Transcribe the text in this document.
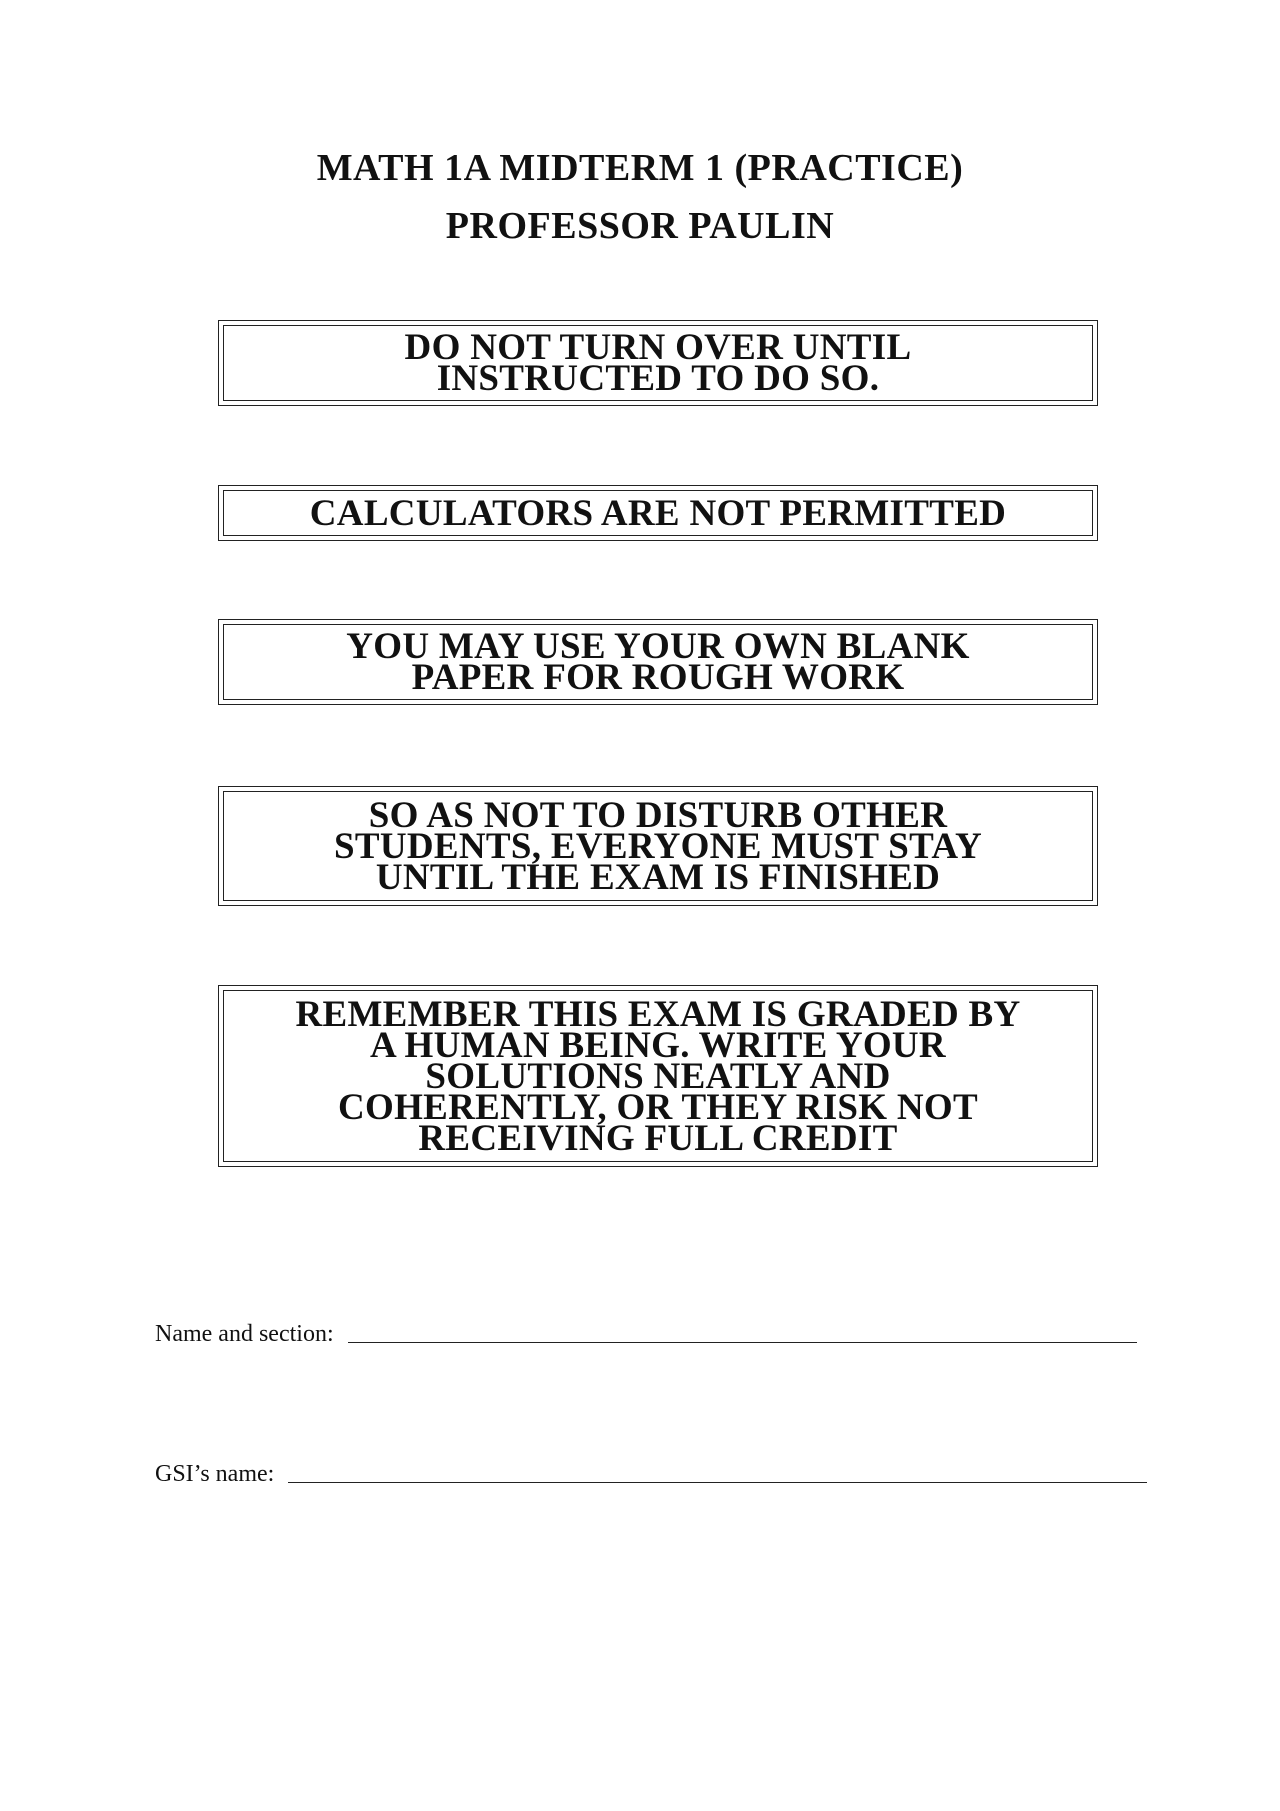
MATH 1A MIDTERM 1 (PRACTICE)
PROFESSOR PAULIN
DO NOT TURN OVER UNTIL
INSTRUCTED TO DO SO.
CALCULATORS ARE NOT PERMITTED
YOU MAY USE YOUR OWN BLANK
PAPER FOR ROUGH WORK
SO AS NOT TO DISTURB OTHER
STUDENTS, EVERYONE MUST STAY
UNTIL THE EXAM IS FINISHED
REMEMBER THIS EXAM IS GRADED BY
A HUMAN BEING. WRITE YOUR
SOLUTIONS NEATLY AND
COHERENTLY, OR THEY RISK NOT
RECEIVING FULL CREDIT
Name and section:
GSI’s name:
